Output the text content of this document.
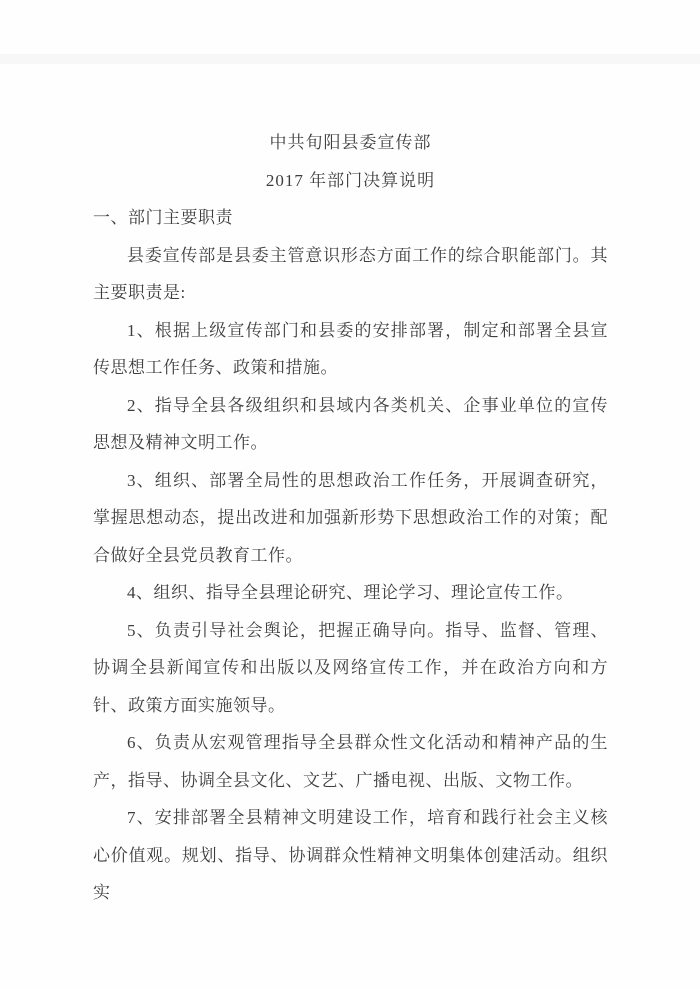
中共旬阳县委宣传部
2017 年部门决算说明

一、部门主要职责

县委宣传部是县委主管意识形态方面工作的综合职能部门。其主要职责是:

1、根据上级宣传部门和县委的安排部署，制定和部署全县宣传思想工作任务、政策和措施。

2、指导全县各级组织和县域内各类机关、企事业单位的宣传思想及精神文明工作。

3、组织、部署全局性的思想政治工作任务，开展调查研究，掌握思想动态，提出改进和加强新形势下思想政治工作的对策；配合做好全县党员教育工作。

4、组织、指导全县理论研究、理论学习、理论宣传工作。

5、负责引导社会舆论，把握正确导向。指导、监督、管理、协调全县新闻宣传和出版以及网络宣传工作，并在政治方向和方针、政策方面实施领导。

6、负责从宏观管理指导全县群众性文化活动和精神产品的生产，指导、协调全县文化、文艺、广播电视、出版、文物工作。

7、安排部署全县精神文明建设工作，培育和践行社会主义核心价值观。规划、指导、协调群众性精神文明集体创建活动。组织实
